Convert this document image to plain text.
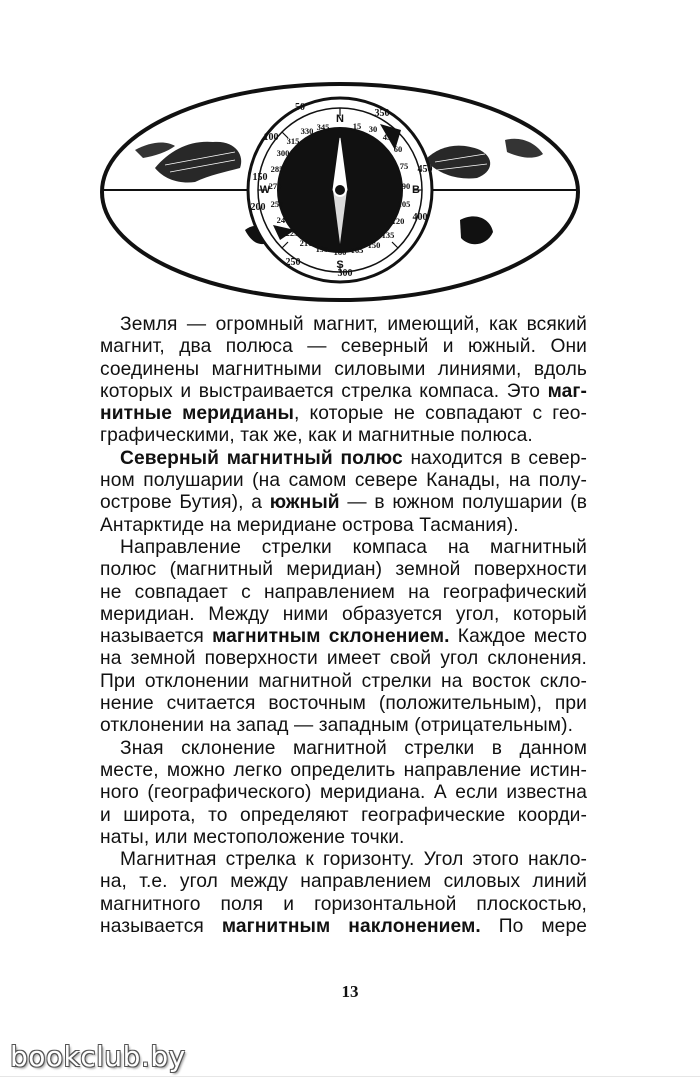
345	15
330	30
315	45
300	60
285	75
270	90
255	105
240	120
225	135
210	150
195	165
180
100
150
250
350
450
400
200
300
50
N
S
B
W

Земля — огромный магнит, имеющий, как всякий
магнит, два полюса — северный и южный. Они
соединены магнитными силовыми линиями, вдоль
которых и выстраивается стрелка компаса. Это маг-
нитные меридианы, которые не совпадают с гео-
графическими, так же, как и магнитные полюса.

Северный магнитный полюс находится в север-
ном полушарии (на самом севере Канады, на полу-
острове Бутия), а южный — в южном полушарии (в
Антарктиде на меридиане острова Тасмания).

Направление стрелки компаса на магнитный
полюс (магнитный меридиан) земной поверхности
не совпадает с направлением на географический
меридиан. Между ними образуется угол, который
называется магнитным склонением. Каждое место
на земной поверхности имеет свой угол склонения.
При отклонении магнитной стрелки на восток скло-
нение считается восточным (положительным), при
отклонении на запад — западным (отрицательным).

Зная склонение магнитной стрелки в данном
месте, можно легко определить направление истин-
ного (географического) меридиана. А если известна
и широта, то определяют географические коорди-
наты, или местоположение точки.

Магнитная стрелка к горизонту. Угол этого накло-
на, т.е. угол между направлением силовых линий
магнитного поля и горизонтальной плоскостью,
называется магнитным наклонением. По мере

13
bookclub.by
